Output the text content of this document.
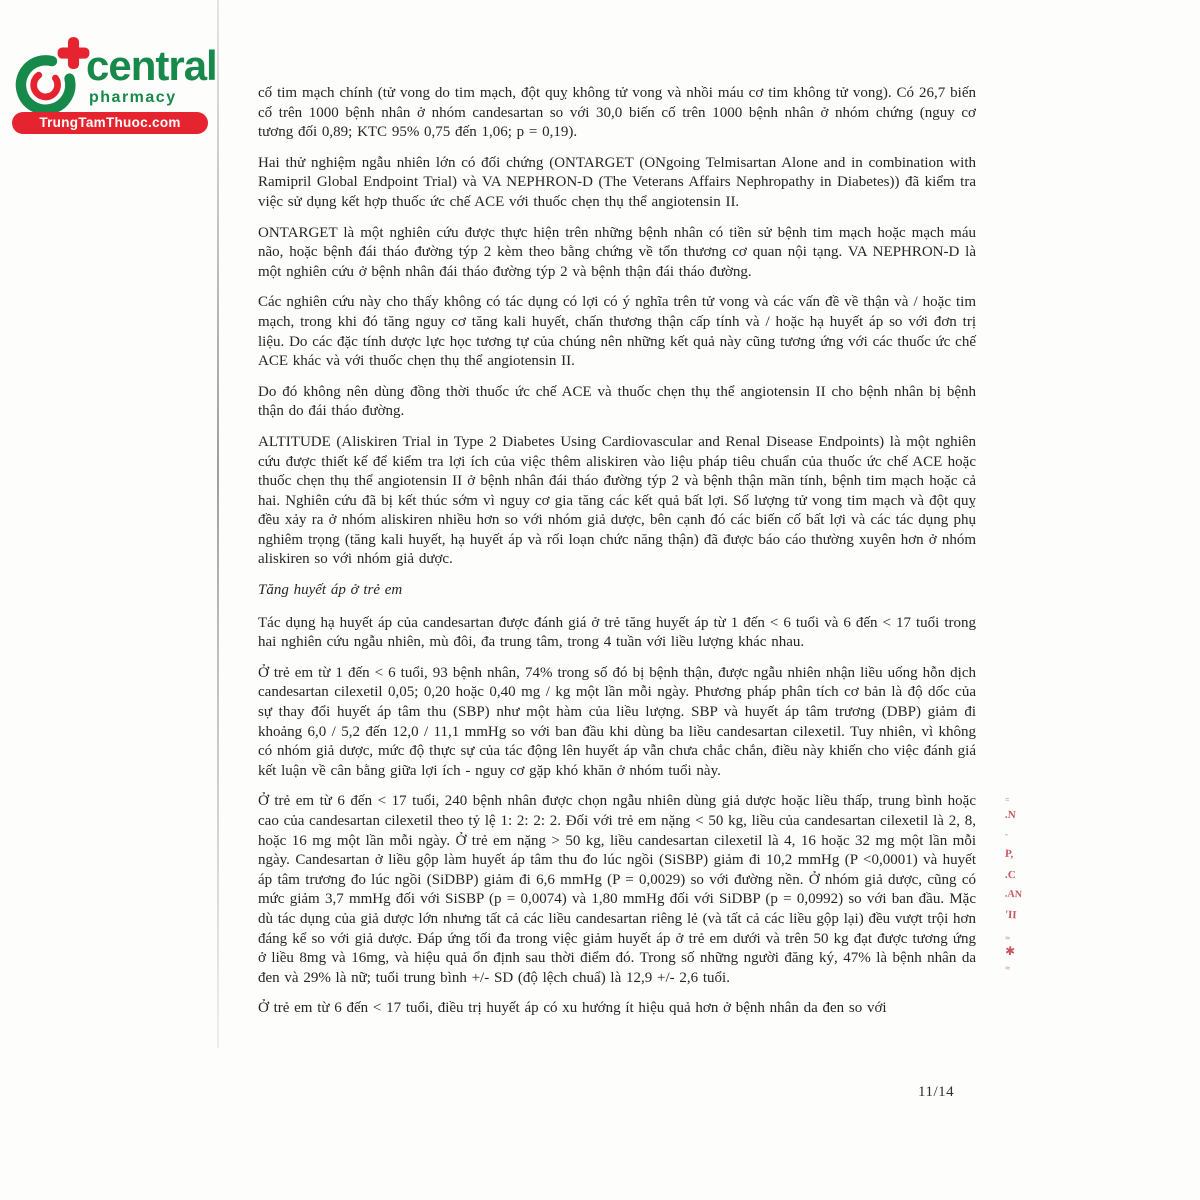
central
pharmacy
TrungTamThuoc.com

cố tim mạch chính (tử vong do tim mạch, đột quỵ không tử vong và nhồi máu cơ tim không tử vong). Có 26,7 biến cố trên 1000 bệnh nhân ở nhóm candesartan so với 30,0 biến cố trên 1000 bệnh nhân ở nhóm chứng (nguy cơ tương đối 0,89; KTC 95% 0,75 đến 1,06; p = 0,19).

Hai thử nghiệm ngẫu nhiên lớn có đối chứng (ONTARGET (ONgoing Telmisartan Alone and in combination with Ramipril Global Endpoint Trial) và VA NEPHRON-D (The Veterans Affairs Nephropathy in Diabetes)) đã kiểm tra việc sử dụng kết hợp thuốc ức chế ACE với thuốc chẹn thụ thể angiotensin II.

ONTARGET là một nghiên cứu được thực hiện trên những bệnh nhân có tiền sử bệnh tim mạch hoặc mạch máu não, hoặc bệnh đái tháo đường týp 2 kèm theo bằng chứng về tổn thương cơ quan nội tạng. VA NEPHRON-D là một nghiên cứu ở bệnh nhân đái tháo đường týp 2 và bệnh thận đái tháo đường.

Các nghiên cứu này cho thấy không có tác dụng có lợi có ý nghĩa trên tử vong và các vấn đề về thận và / hoặc tim mạch, trong khi đó tăng nguy cơ tăng kali huyết, chấn thương thận cấp tính và / hoặc hạ huyết áp so với đơn trị liệu. Do các đặc tính dược lực học tương tự của chúng nên những kết quả này cũng tương ứng với các thuốc ức chế ACE khác và với thuốc chẹn thụ thể angiotensin II.

Do đó không nên dùng đồng thời thuốc ức chế ACE và thuốc chẹn thụ thể angiotensin II cho bệnh nhân bị bệnh thận do đái tháo đường.

ALTITUDE (Aliskiren Trial in Type 2 Diabetes Using Cardiovascular and Renal Disease Endpoints) là một nghiên cứu được thiết kế để kiểm tra lợi ích của việc thêm aliskiren vào liệu pháp tiêu chuẩn của thuốc ức chế ACE hoặc thuốc chẹn thụ thể angiotensin II ở bệnh nhân đái tháo đường týp 2 và bệnh thận mãn tính, bệnh tim mạch hoặc cả hai. Nghiên cứu đã bị kết thúc sớm vì nguy cơ gia tăng các kết quả bất lợi. Số lượng tử vong tim mạch và đột quỵ đều xảy ra ở nhóm aliskiren nhiều hơn so với nhóm giả dược, bên cạnh đó các biến cố bất lợi và các tác dụng phụ nghiêm trọng (tăng kali huyết, hạ huyết áp và rối loạn chức năng thận) đã được báo cáo thường xuyên hơn ở nhóm aliskiren so với nhóm giả dược.

Tăng huyết áp ở trẻ em

Tác dụng hạ huyết áp của candesartan được đánh giá ở trẻ tăng huyết áp từ 1 đến < 6 tuổi và 6 đến < 17 tuổi trong hai nghiên cứu ngẫu nhiên, mù đôi, đa trung tâm, trong 4 tuần với liều lượng khác nhau.

Ở trẻ em từ 1 đến < 6 tuổi, 93 bệnh nhân, 74% trong số đó bị bệnh thận, được ngẫu nhiên nhận liều uống hỗn dịch candesartan cilexetil 0,05; 0,20 hoặc 0,40 mg / kg một lần mỗi ngày. Phương pháp phân tích cơ bản là độ dốc của sự thay đổi huyết áp tâm thu (SBP) như một hàm của liều lượng. SBP và huyết áp tâm trương (DBP) giảm đi khoảng 6,0 / 5,2 đến 12,0 / 11,1 mmHg so với ban đầu khi dùng ba liều candesartan cilexetil. Tuy nhiên, vì không có nhóm giả dược, mức độ thực sự của tác động lên huyết áp vẫn chưa chắc chắn, điều này khiến cho việc đánh giá kết luận về cân bằng giữa lợi ích - nguy cơ gặp khó khăn ở nhóm tuổi này.

Ở trẻ em từ 6 đến < 17 tuổi, 240 bệnh nhân được chọn ngẫu nhiên dùng giả dược hoặc liều thấp, trung bình hoặc cao của candesartan cilexetil theo tỷ lệ 1: 2: 2: 2. Đối với trẻ em nặng < 50 kg, liều của candesartan cilexetil là 2, 8, hoặc 16 mg một lần mỗi ngày. Ở trẻ em nặng > 50 kg, liều candesartan cilexetil là 4, 16 hoặc 32 mg một lần mỗi ngày. Candesartan ở liều gộp làm huyết áp tâm thu đo lúc ngồi (SiSBP) giảm đi 10,2 mmHg (P <0,0001) và huyết áp tâm trương đo lúc ngồi (SiDBP) giảm đi 6,6 mmHg (P = 0,0029) so với đường nền. Ở nhóm giả dược, cũng có mức giảm 3,7 mmHg đối với SiSBP (p = 0,0074) và 1,80 mmHg đối với SiDBP (p = 0,0992) so với ban đầu. Mặc dù tác dụng của giả dược lớn nhưng tất cả các liều candesartan riêng lẻ (và tất cả các liều gộp lại) đều vượt trội hơn đáng kể so với giả dược. Đáp ứng tối đa trong việc giảm huyết áp ở trẻ em dưới và trên 50 kg đạt được tương ứng ở liều 8mg và 16mg, và hiệu quả ổn định sau thời điểm đó. Trong số những người đăng ký, 47% là bệnh nhân da đen và 29% là nữ; tuổi trung bình +/- SD (độ lệch chuẩ) là 12,9 +/- 2,6 tuổi.

Ở trẻ em từ 6 đến < 17 tuổi, điều trị huyết áp có xu hướng ít hiệu quả hơn ở bệnh nhân da đen so với

=
.N
-
P,
.C
.AN
'II
=
✱
=
11/14
